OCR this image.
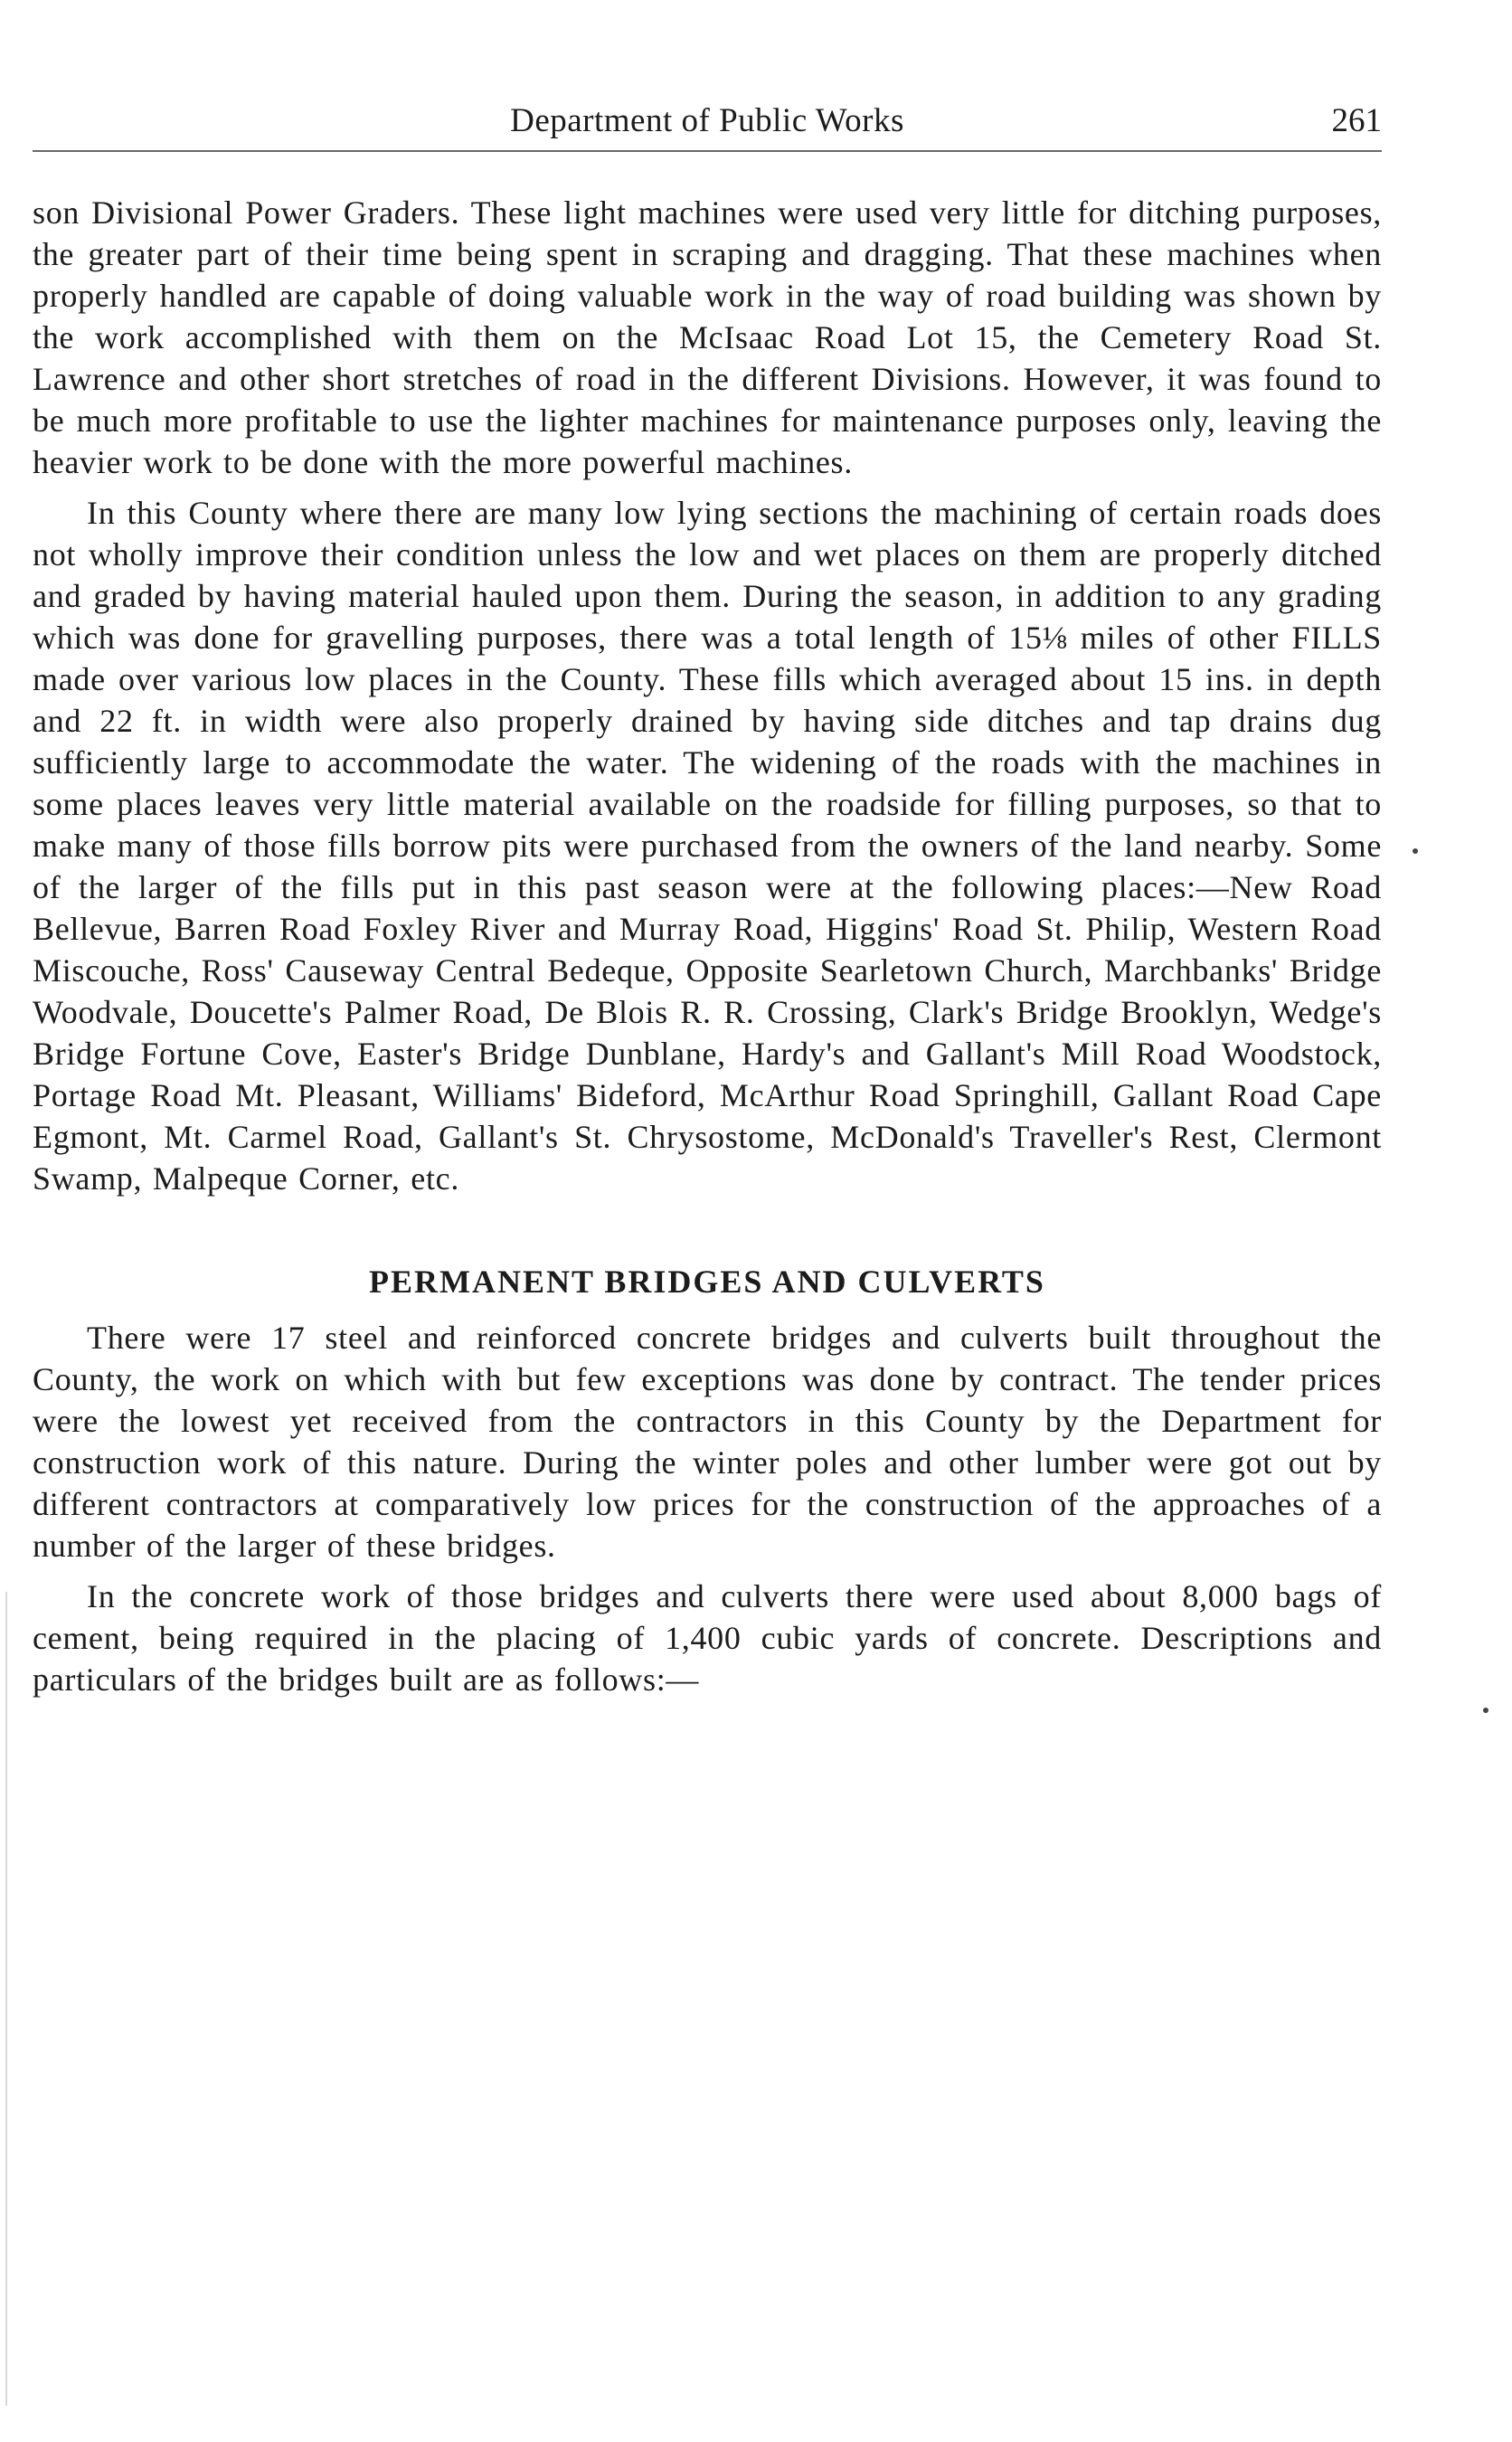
Department of Public Works	261

son Divisional Power Graders. These light machines were used very little for ditching purposes, the greater part of their time being spent in scraping and dragging. That these machines when properly handled are capable of doing valuable work in the way of road building was shown by the work accomplished with them on the McIsaac Road Lot 15, the Cemetery Road St. Lawrence and other short stretches of road in the different Divisions. However, it was found to be much more profitable to use the lighter machines for maintenance purposes only, leaving the heavier work to be done with the more powerful machines.

In this County where there are many low lying sections the machining of certain roads does not wholly improve their condition unless the low and wet places on them are properly ditched and graded by having material hauled upon them. During the season, in addition to any grading which was done for gravelling purposes, there was a total length of 15⅛ miles of other FILLS made over various low places in the County. These fills which averaged about 15 ins. in depth and 22 ft. in width were also properly drained by having side ditches and tap drains dug sufficiently large to accommodate the water. The widening of the roads with the machines in some places leaves very little material available on the roadside for filling purposes, so that to make many of those fills borrow pits were purchased from the owners of the land nearby. Some of the larger of the fills put in this past season were at the following places:—New Road Bellevue, Barren Road Foxley River and Murray Road, Higgins' Road St. Philip, Western Road Miscouche, Ross' Causeway Central Bedeque, Opposite Searletown Church, Marchbanks' Bridge Woodvale, Doucette's Palmer Road, De Blois R. R. Crossing, Clark's Bridge Brooklyn, Wedge's Bridge Fortune Cove, Easter's Bridge Dunblane, Hardy's and Gallant's Mill Road Woodstock, Portage Road Mt. Pleasant, Williams' Bideford, McArthur Road Springhill, Gallant Road Cape Egmont, Mt. Carmel Road, Gallant's St. Chrysostome, McDonald's Traveller's Rest, Clermont Swamp, Malpeque Corner, etc.

PERMANENT BRIDGES AND CULVERTS

There were 17 steel and reinforced concrete bridges and culverts built throughout the County, the work on which with but few exceptions was done by contract. The tender prices were the lowest yet received from the contractors in this County by the Department for construction work of this nature. During the winter poles and other lumber were got out by different contractors at comparatively low prices for the construction of the approaches of a number of the larger of these bridges.

In the concrete work of those bridges and culverts there were used about 8,000 bags of cement, being required in the placing of 1,400 cubic yards of concrete. Descriptions and particulars of the bridges built are as follows:—
